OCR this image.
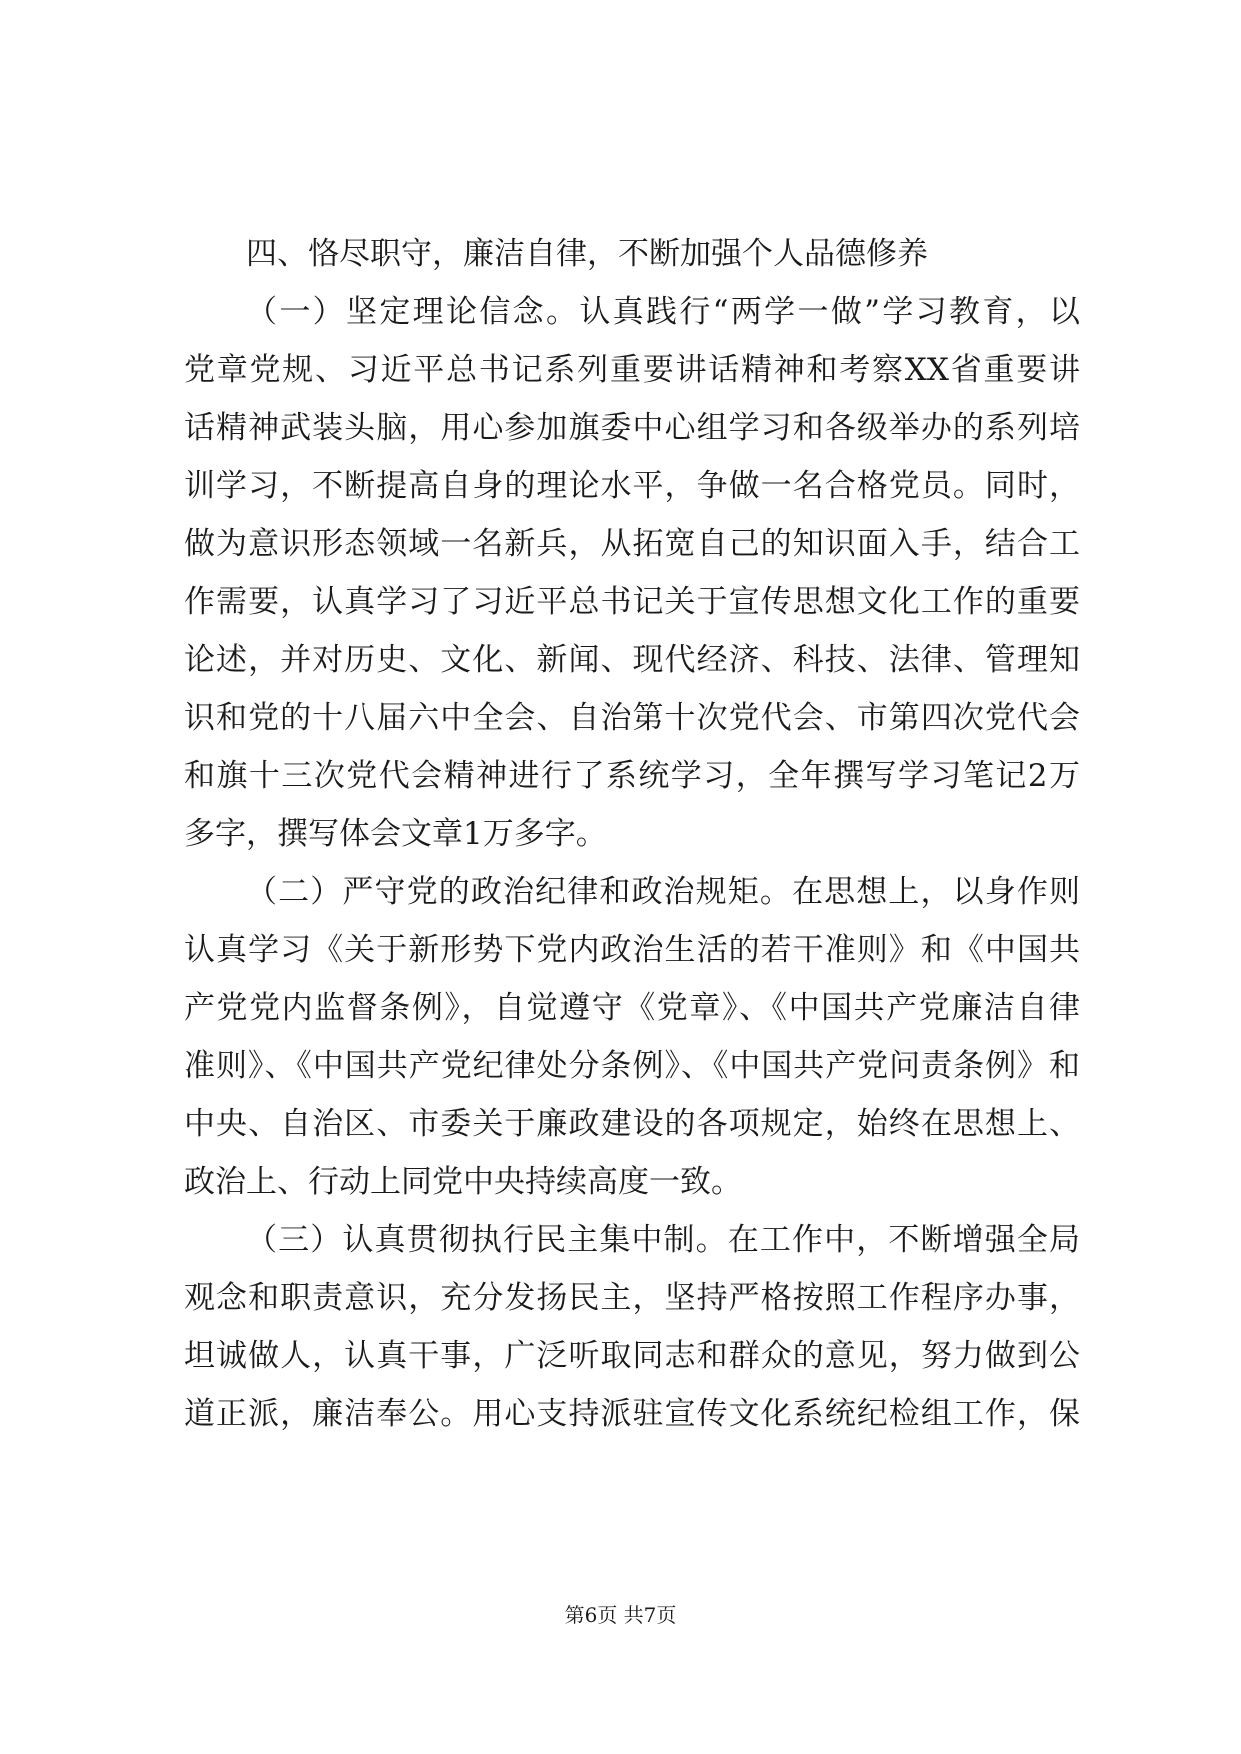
四、恪尽职守，廉洁自律，不断加强个人品德修养
（一）坚定理论信念。认真践行“两学一做”学习教育，以
党章党规、习近平总书记系列重要讲话精神和考察XX省重要讲
话精神武装头脑，用心参加旗委中心组学习和各级举办的系列培
训学习，不断提高自身的理论水平，争做一名合格党员。同时，
做为意识形态领域一名新兵，从拓宽自己的知识面入手，结合工
作需要，认真学习了习近平总书记关于宣传思想文化工作的重要
论述，并对历史、文化、新闻、现代经济、科技、法律、管理知
识和党的十八届六中全会、自治第十次党代会、市第四次党代会
和旗十三次党代会精神进行了系统学习，全年撰写学习笔记2万
多字，撰写体会文章1万多字。
（二）严守党的政治纪律和政治规矩。在思想上，以身作则
认真学习《关于新形势下党内政治生活的若干准则》和《中国共
产党党内监督条例》，自觉遵守《党章》、《中国共产党廉洁自律
准则》、《中国共产党纪律处分条例》、《中国共产党问责条例》和
中央、自治区、市委关于廉政建设的各项规定，始终在思想上、
政治上、行动上同党中央持续高度一致。
（三）认真贯彻执行民主集中制。在工作中，不断增强全局
观念和职责意识，充分发扬民主，坚持严格按照工作程序办事，
坦诚做人，认真干事，广泛听取同志和群众的意见，努力做到公
道正派，廉洁奉公。用心支持派驻宣传文化系统纪检组工作，保
第6页 共7页
